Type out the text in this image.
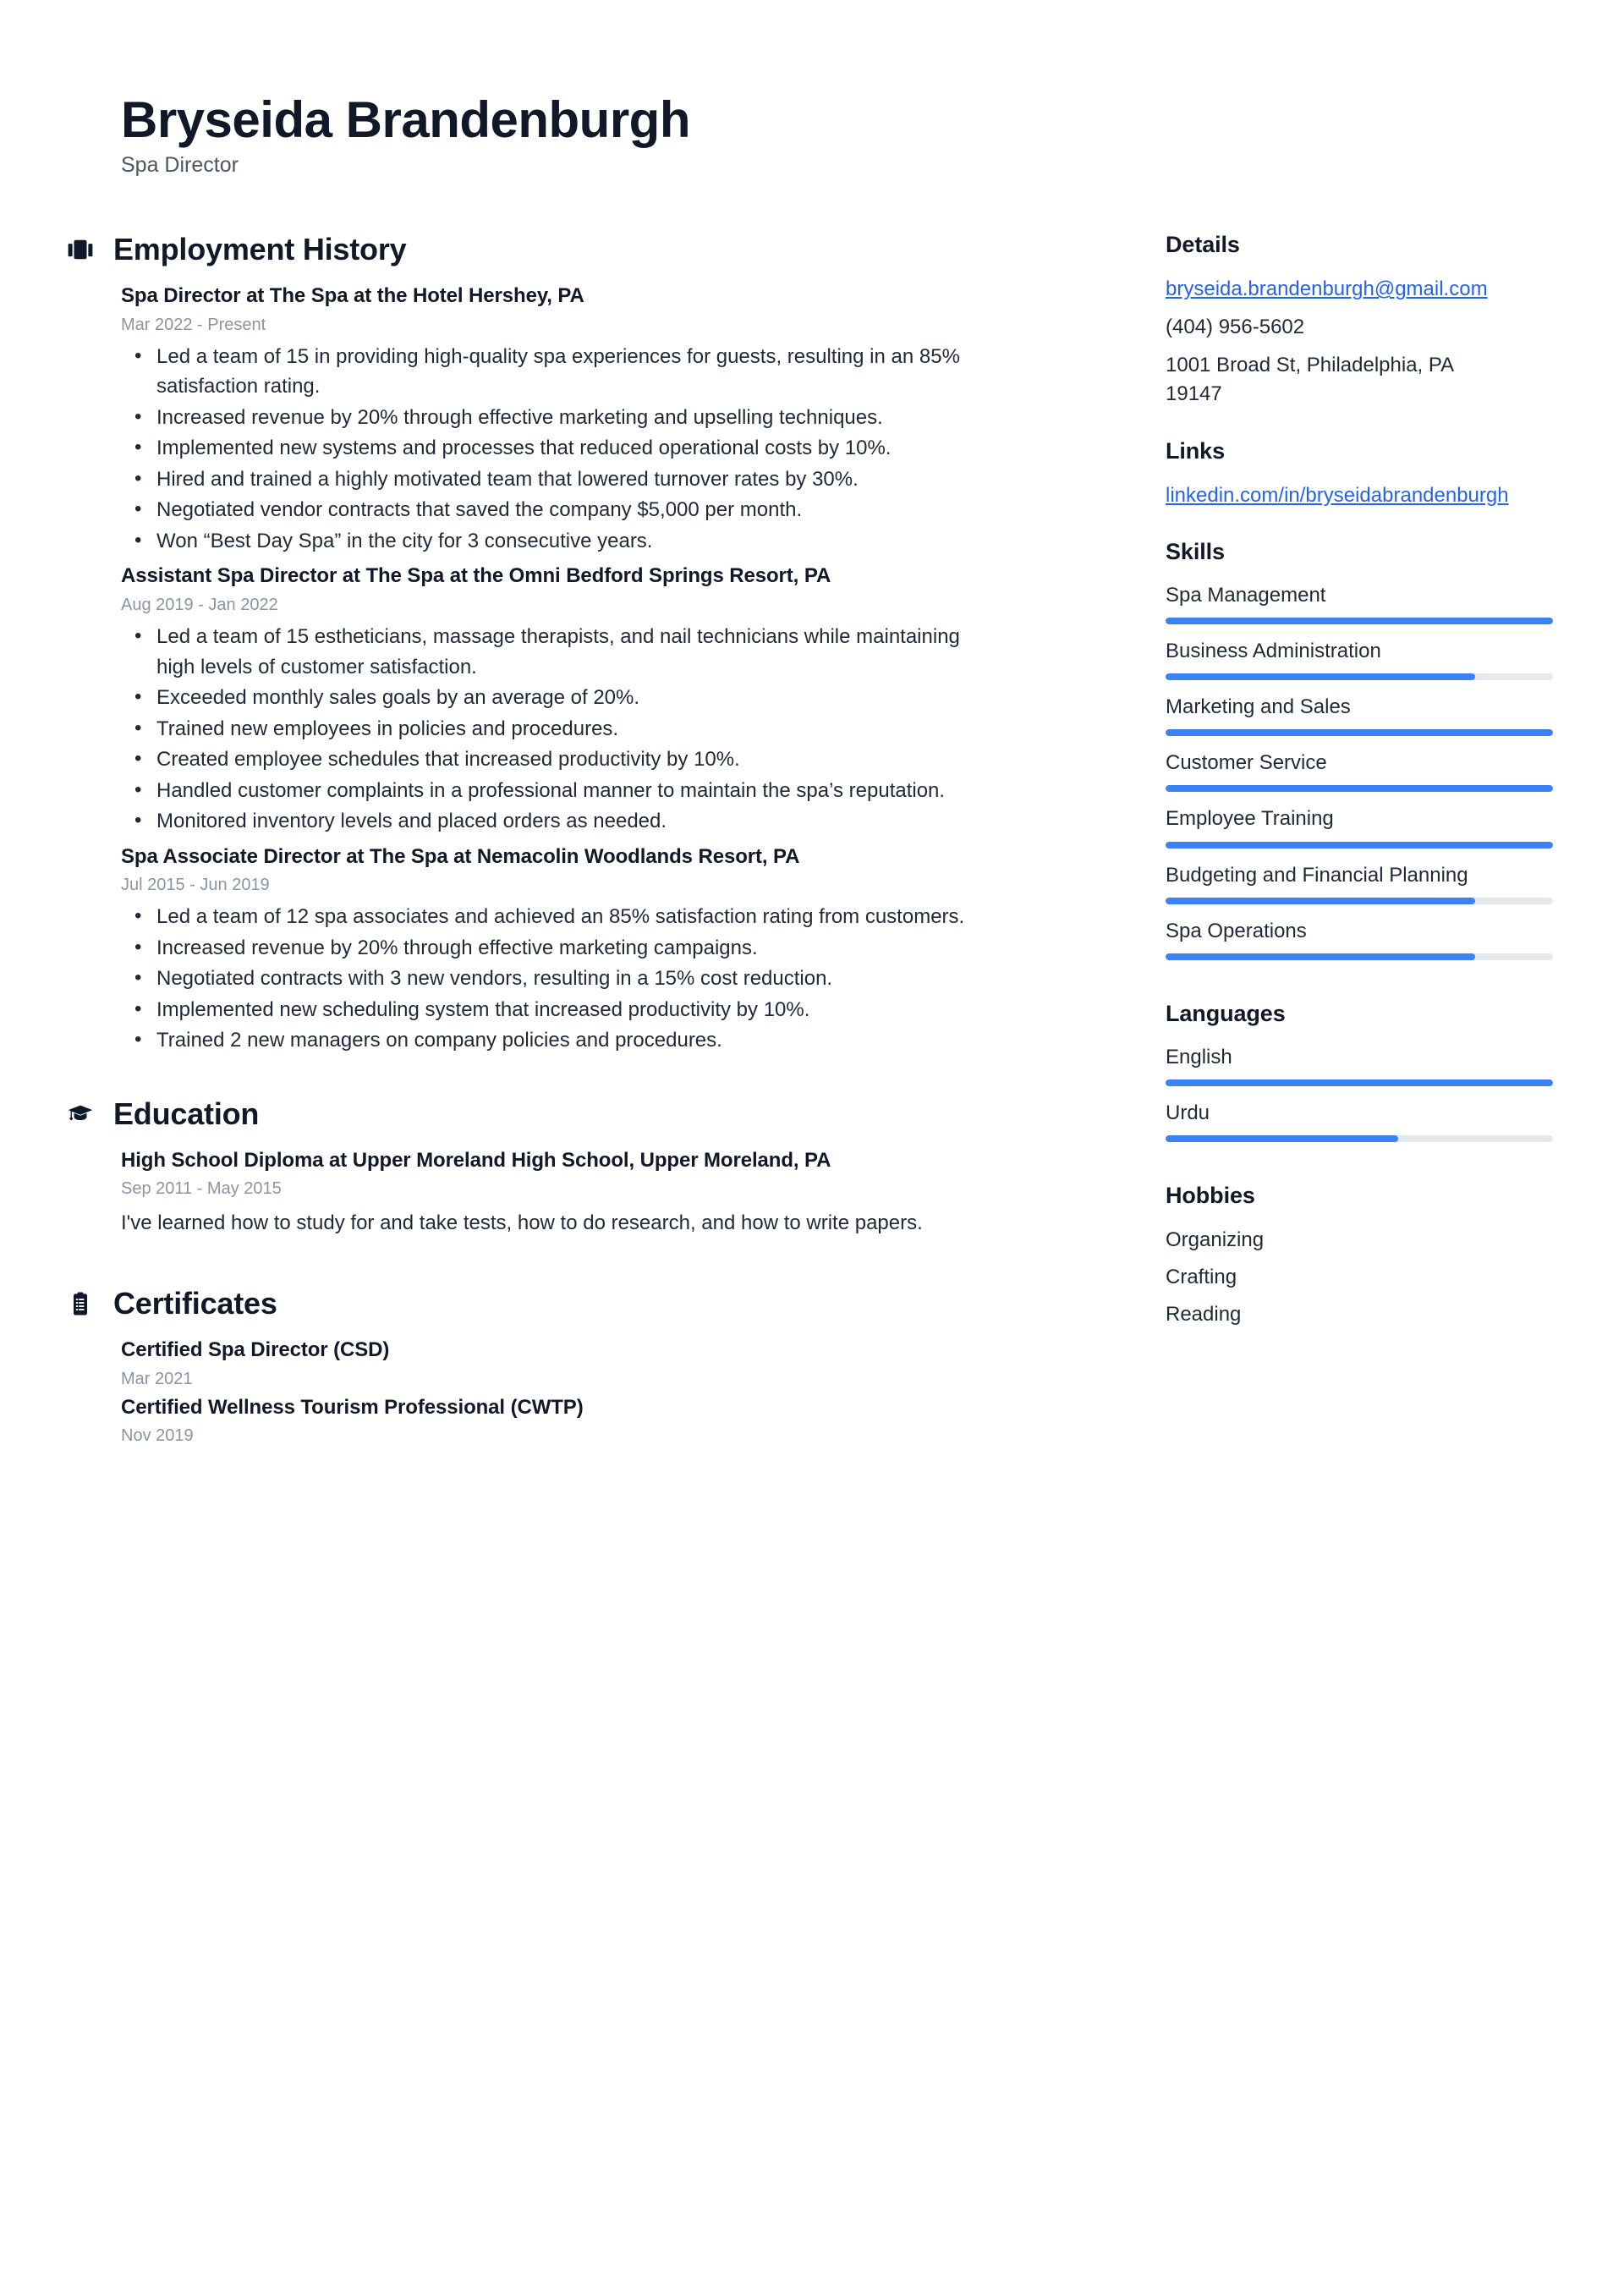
Bryseida Brandenburgh
Spa Director
Employment History
Spa Director at The Spa at the Hotel Hershey, PA
Mar 2022 - Present
• Led a team of 15 in providing high-quality spa experiences for guests, resulting in an 85% satisfaction rating.
• Increased revenue by 20% through effective marketing and upselling techniques.
• Implemented new systems and processes that reduced operational costs by 10%.
• Hired and trained a highly motivated team that lowered turnover rates by 30%.
• Negotiated vendor contracts that saved the company $5,000 per month.
• Won “Best Day Spa” in the city for 3 consecutive years.
Assistant Spa Director at The Spa at the Omni Bedford Springs Resort, PA
Aug 2019 - Jan 2022
• Led a team of 15 estheticians, massage therapists, and nail technicians while maintaining high levels of customer satisfaction.
• Exceeded monthly sales goals by an average of 20%.
• Trained new employees in policies and procedures.
• Created employee schedules that increased productivity by 10%.
• Handled customer complaints in a professional manner to maintain the spa’s reputation.
• Monitored inventory levels and placed orders as needed.
Spa Associate Director at The Spa at Nemacolin Woodlands Resort, PA
Jul 2015 - Jun 2019
• Led a team of 12 spa associates and achieved an 85% satisfaction rating from customers.
• Increased revenue by 20% through effective marketing campaigns.
• Negotiated contracts with 3 new vendors, resulting in a 15% cost reduction.
• Implemented new scheduling system that increased productivity by 10%.
• Trained 2 new managers on company policies and procedures.
Education
High School Diploma at Upper Moreland High School, Upper Moreland, PA
Sep 2011 - May 2015
I've learned how to study for and take tests, how to do research, and how to write papers.
Certificates
Certified Spa Director (CSD)
Mar 2021
Certified Wellness Tourism Professional (CWTP)
Nov 2019
Details
bryseida.brandenburgh@gmail.com
(404) 956-5602
1001 Broad St, Philadelphia, PA
19147
Links
linkedin.com/in/bryseidabrandenburgh
Skills
Spa Management
Business Administration
Marketing and Sales
Customer Service
Employee Training
Budgeting and Financial Planning
Spa Operations
Languages
English
Urdu
Hobbies
Organizing
Crafting
Reading
